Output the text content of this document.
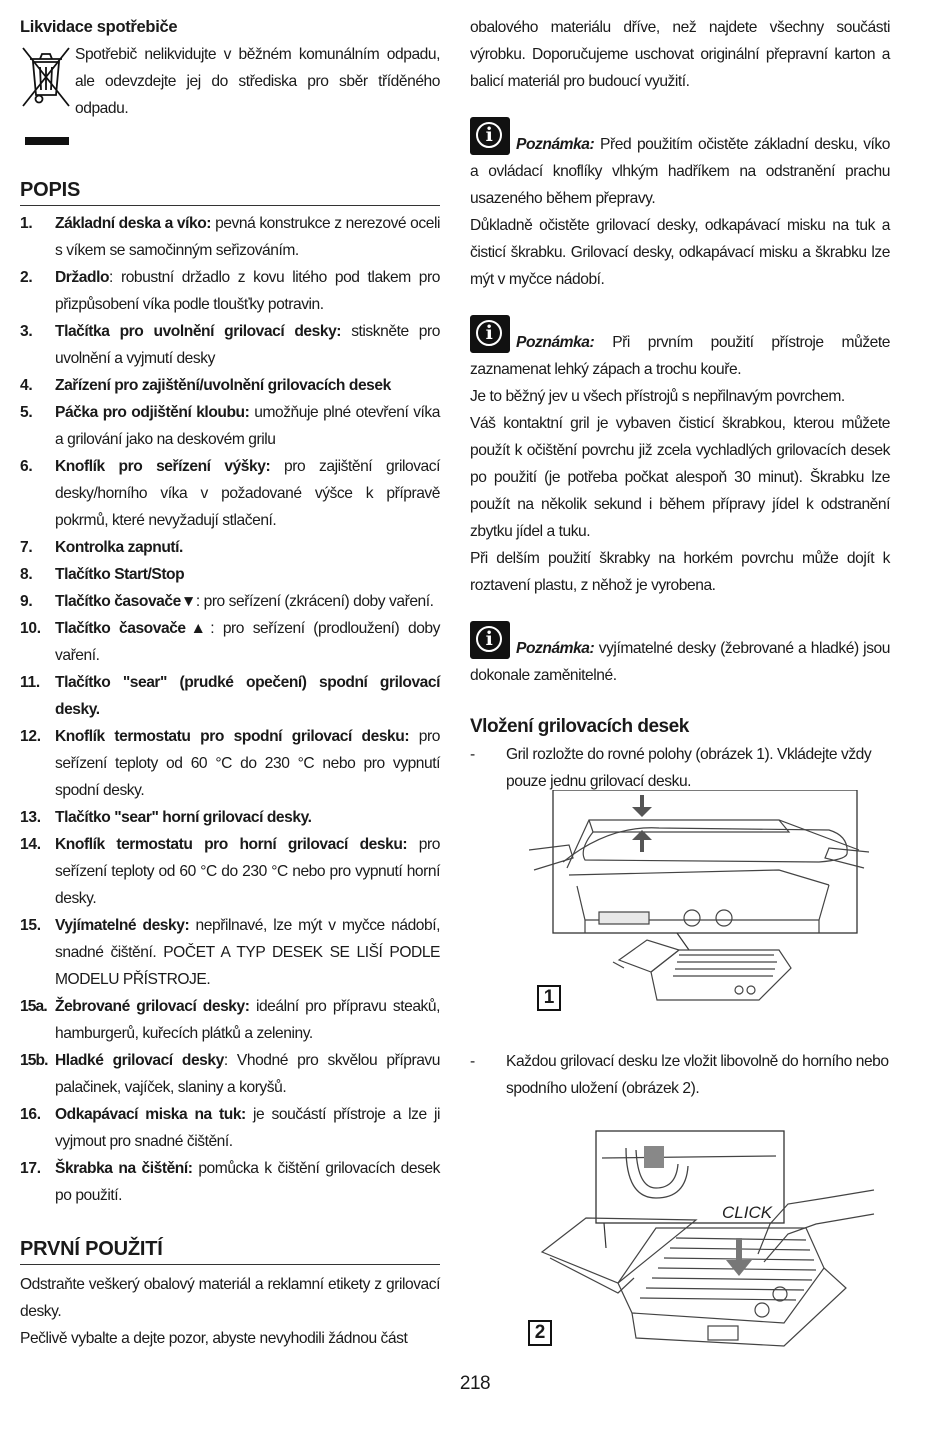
Likvidace spotřebiče

Spotřebič nelikvidujte v běžném komunálním odpadu, ale odevzdejte jej do střediska pro sběr tříděného odpadu.

POPIS

1. Základní deska a víko: pevná konstrukce z nerezové oceli s víkem se samočinným seřizováním.
2. Držadlo: robustní držadlo z kovu litého pod tlakem pro přizpůsobení víka podle tloušťky potravin.
3. Tlačítka pro uvolnění grilovací desky: stiskněte pro uvolnění a vyjmutí desky
4. Zařízení pro zajištění/uvolnění grilovacích desek
5. Páčka pro odjištění kloubu: umožňuje plné otevření víka a grilování jako na deskovém grilu
6. Knoflík pro seřízení výšky: pro zajištění grilovací desky/horního víka v požadované výšce k přípravě pokrmů, které nevyžadují stlačení.
7. Kontrolka zapnutí.
8. Tlačítko Start/Stop
9. Tlačítko časovače▼: pro seřízení (zkrácení) doby vaření.
10. Tlačítko časovače▲: pro seřízení (prodloužení) doby vaření.
11. Tlačítko "sear" (prudké opečení) spodní grilovací desky.
12. Knoflík termostatu pro spodní grilovací desku: pro seřízení teploty od 60 °C do 230 °C nebo pro vypnutí spodní desky.
13. Tlačítko "sear" horní grilovací desky.
14. Knoflík termostatu pro horní grilovací desku: pro seřízení teploty od 60 °C do 230 °C nebo pro vypnutí horní desky.
15. Vyjímatelné desky: nepřilnavé, lze mýt v myčce nádobí, snadné čištění. POČET A TYP DESEK SE LIŠÍ PODLE MODELU PŘÍSTROJE.
15a. Žebrované grilovací desky: ideální pro přípravu steaků, hamburgerů, kuřecích plátků a zeleniny.
15b. Hladké grilovací desky: Vhodné pro skvělou přípravu palačinek, vajíček, slaniny a koryšů.
16. Odkapávací miska na tuk: je součástí přístroje a lze ji vyjmout pro snadné čištění.
17. Škrabka na čištění: pomůcka k čištění grilovacích desek po použití.

PRVNÍ POUŽITÍ

Odstraňte veškerý obalový materiál a reklamní etikety z grilovací desky.

Pečlivě vybalte a dejte pozor, abyste nevyhodili žádnou část

obalového materiálu dříve, než najdete všechny součásti výrobku. Doporučujeme uschovat originální přepravní karton a balicí materiál pro budoucí využití.

i	Poznámka: Před použitím očistěte základní desku, víko a ovládací knoflíky vlhkým hadříkem na odstranění prachu usazeného během přepravy.

Důkladně očistěte grilovací desky, odkapávací misku na tuk a čisticí škrabku. Grilovací desky, odkapávací misku a škrabku lze mýt v myčce nádobí.

i	Poznámka: Při prvním použití přístroje můžete zaznamenat lehký zápach a trochu kouře.

Je to běžný jev u všech přístrojů s nepřilnavým povrchem.

Váš kontaktní gril je vybaven čisticí škrabkou, kterou můžete použít k očištění povrchu již zcela vychladlých grilovacích desek po použití (je potřeba počkat alespoň 30 minut). Škrabku lze použít na několik sekund i během přípravy jídel k odstranění zbytku jídel a tuku.

Při delším použití škrabky na horkém povrchu může dojít k roztavení plastu, z něhož je vyrobena.

i	Poznámka: vyjímatelné desky (žebrované a hladké) jsou dokonale zaměnitelné.

Vložení grilovacích desek

- Gril rozložte do rovné polohy (obrázek 1). Vkládejte vždy pouze jednu grilovací desku.

1
- Každou grilovací desku lze vložit libovolně do horního nebo spodního uložení (obrázek 2).

CLICK
2
218
